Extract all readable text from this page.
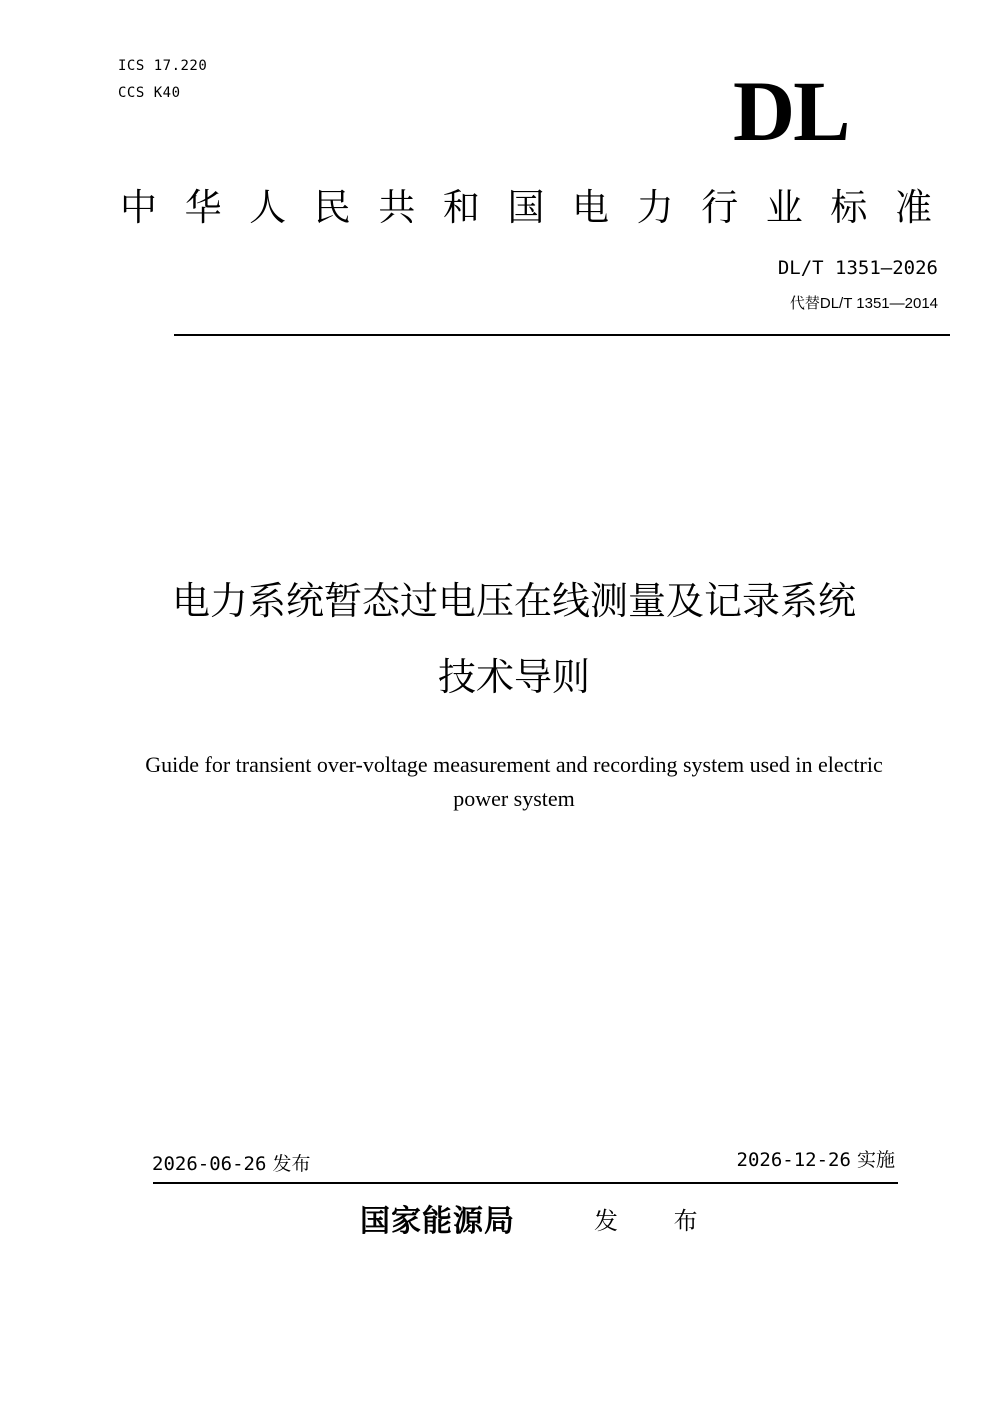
ICS 17.220
CCS K40	DL
中 华 人 民 共 和 国 电 力 行 业 标 准
DL/T 1351—2026
代替DL/T 1351—2014
电力系统暂态过电压在线测量及记录系统
技术导则
Guide for transient over-voltage measurement and recording system used in electric
power system
2026-06-26 发布	2026-12-26 实施
国家能源局	发 布
